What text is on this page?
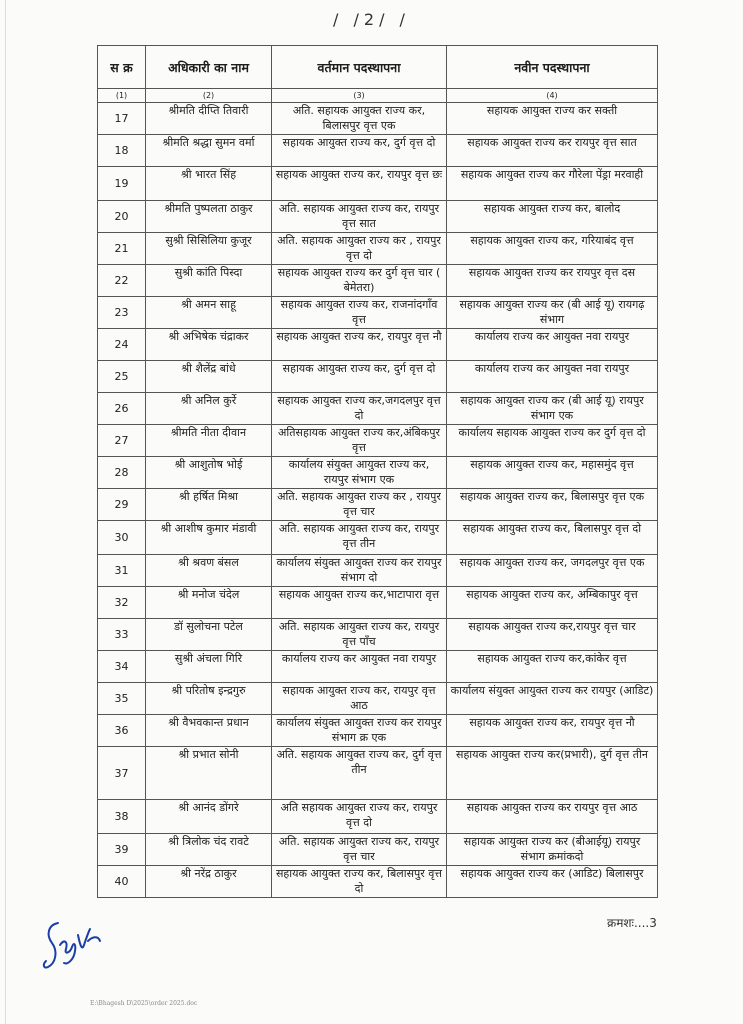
/ /2/ /
स क्र	अधिकारी का नाम	वर्तमान पदस्थापना	नवीन पदस्थापना
(1)	(2)	(3)	(4)
17	श्रीमति दीप्ति तिवारी	अति. सहायक आयुक्त राज्य कर, बिलासपुर वृत्त एक	सहायक आयुक्त राज्य कर सक्ती
18	श्रीमति श्रद्धा सुमन वर्मा	सहायक आयुक्त राज्य कर, दुर्ग वृत्त दो	सहायक आयुक्त राज्य कर रायपुर वृत्त सात
19	श्री भारत सिंह	सहायक आयुक्त राज्य कर, रायपुर वृत्त छः	सहायक आयुक्त राज्य कर गौरेला पेंड्रा मरवाही
20	श्रीमति पुष्पलता ठाकुर	अति. सहायक आयुक्त राज्य कर, रायपुर वृत्त सात	सहायक आयुक्त राज्य कर, बालोद
21	सुश्री सिसिलिया कुजूर	अति. सहायक आयुक्त राज्य कर , रायपुर वृत्त दो	सहायक आयुक्त राज्य कर, गरियाबंद वृत्त
22	सुश्री कांति पिस्दा	सहायक आयुक्त राज्य कर दुर्ग वृत्त चार ( बेमेतरा)	सहायक आयुक्त राज्य कर रायपुर वृत्त दस
23	श्री अमन साहू	सहायक आयुक्त राज्य कर, राजनांदगाँव वृत्त	सहायक आयुक्त राज्य कर (बी आई यू) रायगढ़ संभाग
24	श्री अभिषेक चंद्राकर	सहायक आयुक्त राज्य कर, रायपुर वृत्त नौ	कार्यालय राज्य कर आयुक्त नवा रायपुर
25	श्री शैलेंद्र बांधे	सहायक आयुक्त राज्य कर, दुर्ग वृत्त दो	कार्यालय राज्य कर आयुक्त नवा रायपुर
26	श्री अनिल कुर्रे	सहायक आयुक्त राज्य कर,जगदलपुर वृत्त दो	सहायक आयुक्त राज्य कर (बी आई यू) रायपुर संभाग एक
27	श्रीमति नीता दीवान	अतिसहायक आयुक्त राज्य कर,अंबिकपुर वृत्त	कार्यालय सहायक आयुक्त राज्य कर दुर्ग वृत्त दो
28	श्री आशुतोष भोई	कार्यालय संयुक्त आयुक्त राज्य कर, रायपुर संभाग एक	सहायक आयुक्त राज्य कर, महासमुंद वृत्त
29	श्री हर्षित मिश्रा	अति. सहायक आयुक्त राज्य कर , रायपुर वृत्त चार	सहायक आयुक्त राज्य कर, बिलासपुर वृत्त एक
30	श्री आशीष कुमार मंडावी	अति. सहायक आयुक्त राज्य कर, रायपुर वृत्त तीन	सहायक आयुक्त राज्य कर, बिलासपुर वृत्त दो
31	श्री श्रवण बंसल	कार्यालय संयुक्त आयुक्त राज्य कर रायपुर संभाग दो	सहायक आयुक्त राज्य कर, जगदलपुर वृत्त एक
32	श्री मनोज चंदेल	सहायक आयुक्त राज्य कर,भाटापारा वृत्त	सहायक आयुक्त राज्य कर, अम्बिकापुर वृत्त
33	डॉ सुलोचना पटेल	अति. सहायक आयुक्त राज्य कर, रायपुर वृत्त पाँच	सहायक आयुक्त राज्य कर,रायपुर वृत्त चार
34	सुश्री अंचला गिरि	कार्यालय राज्य कर आयुक्त नवा रायपुर	सहायक आयुक्त राज्य कर,कांकेर वृत्त
35	श्री परितोष इन्द्रगुरु	सहायक आयुक्त राज्य कर, रायपुर वृत्त आठ	कार्यालय संयुक्त आयुक्त राज्य कर रायपुर (आडिट)
36	श्री वैभवकान्त प्रधान	कार्यालय संयुक्त आयुक्त राज्य कर रायपुर संभाग क्र एक	सहायक आयुक्त राज्य कर, रायपुर वृत्त नौ
37	श्री प्रभात सोनी	अति. सहायक आयुक्त राज्य कर, दुर्ग वृत्त तीन	सहायक आयुक्त राज्य कर(प्रभारी), दुर्ग वृत्त तीन
38	श्री आनंद डोंगरे	अति सहायक आयुक्त राज्य कर, रायपुर वृत्त दो	सहायक आयुक्त राज्य कर रायपुर वृत्त आठ
39	श्री त्रिलोक चंद रावटे	अति. सहायक आयुक्त राज्य कर, रायपुर वृत्त चार	सहायक आयुक्त राज्य कर (बीआईयू) रायपुर संभाग क्रमांकदो
40	श्री नरेंद्र ठाकुर	सहायक आयुक्त राज्य कर, बिलासपुर वृत्त दो	सहायक आयुक्त राज्य कर (आडिट) बिलासपुर
क्रमशः....3
E:\Bhagesh D\2025\order 2025.doc
